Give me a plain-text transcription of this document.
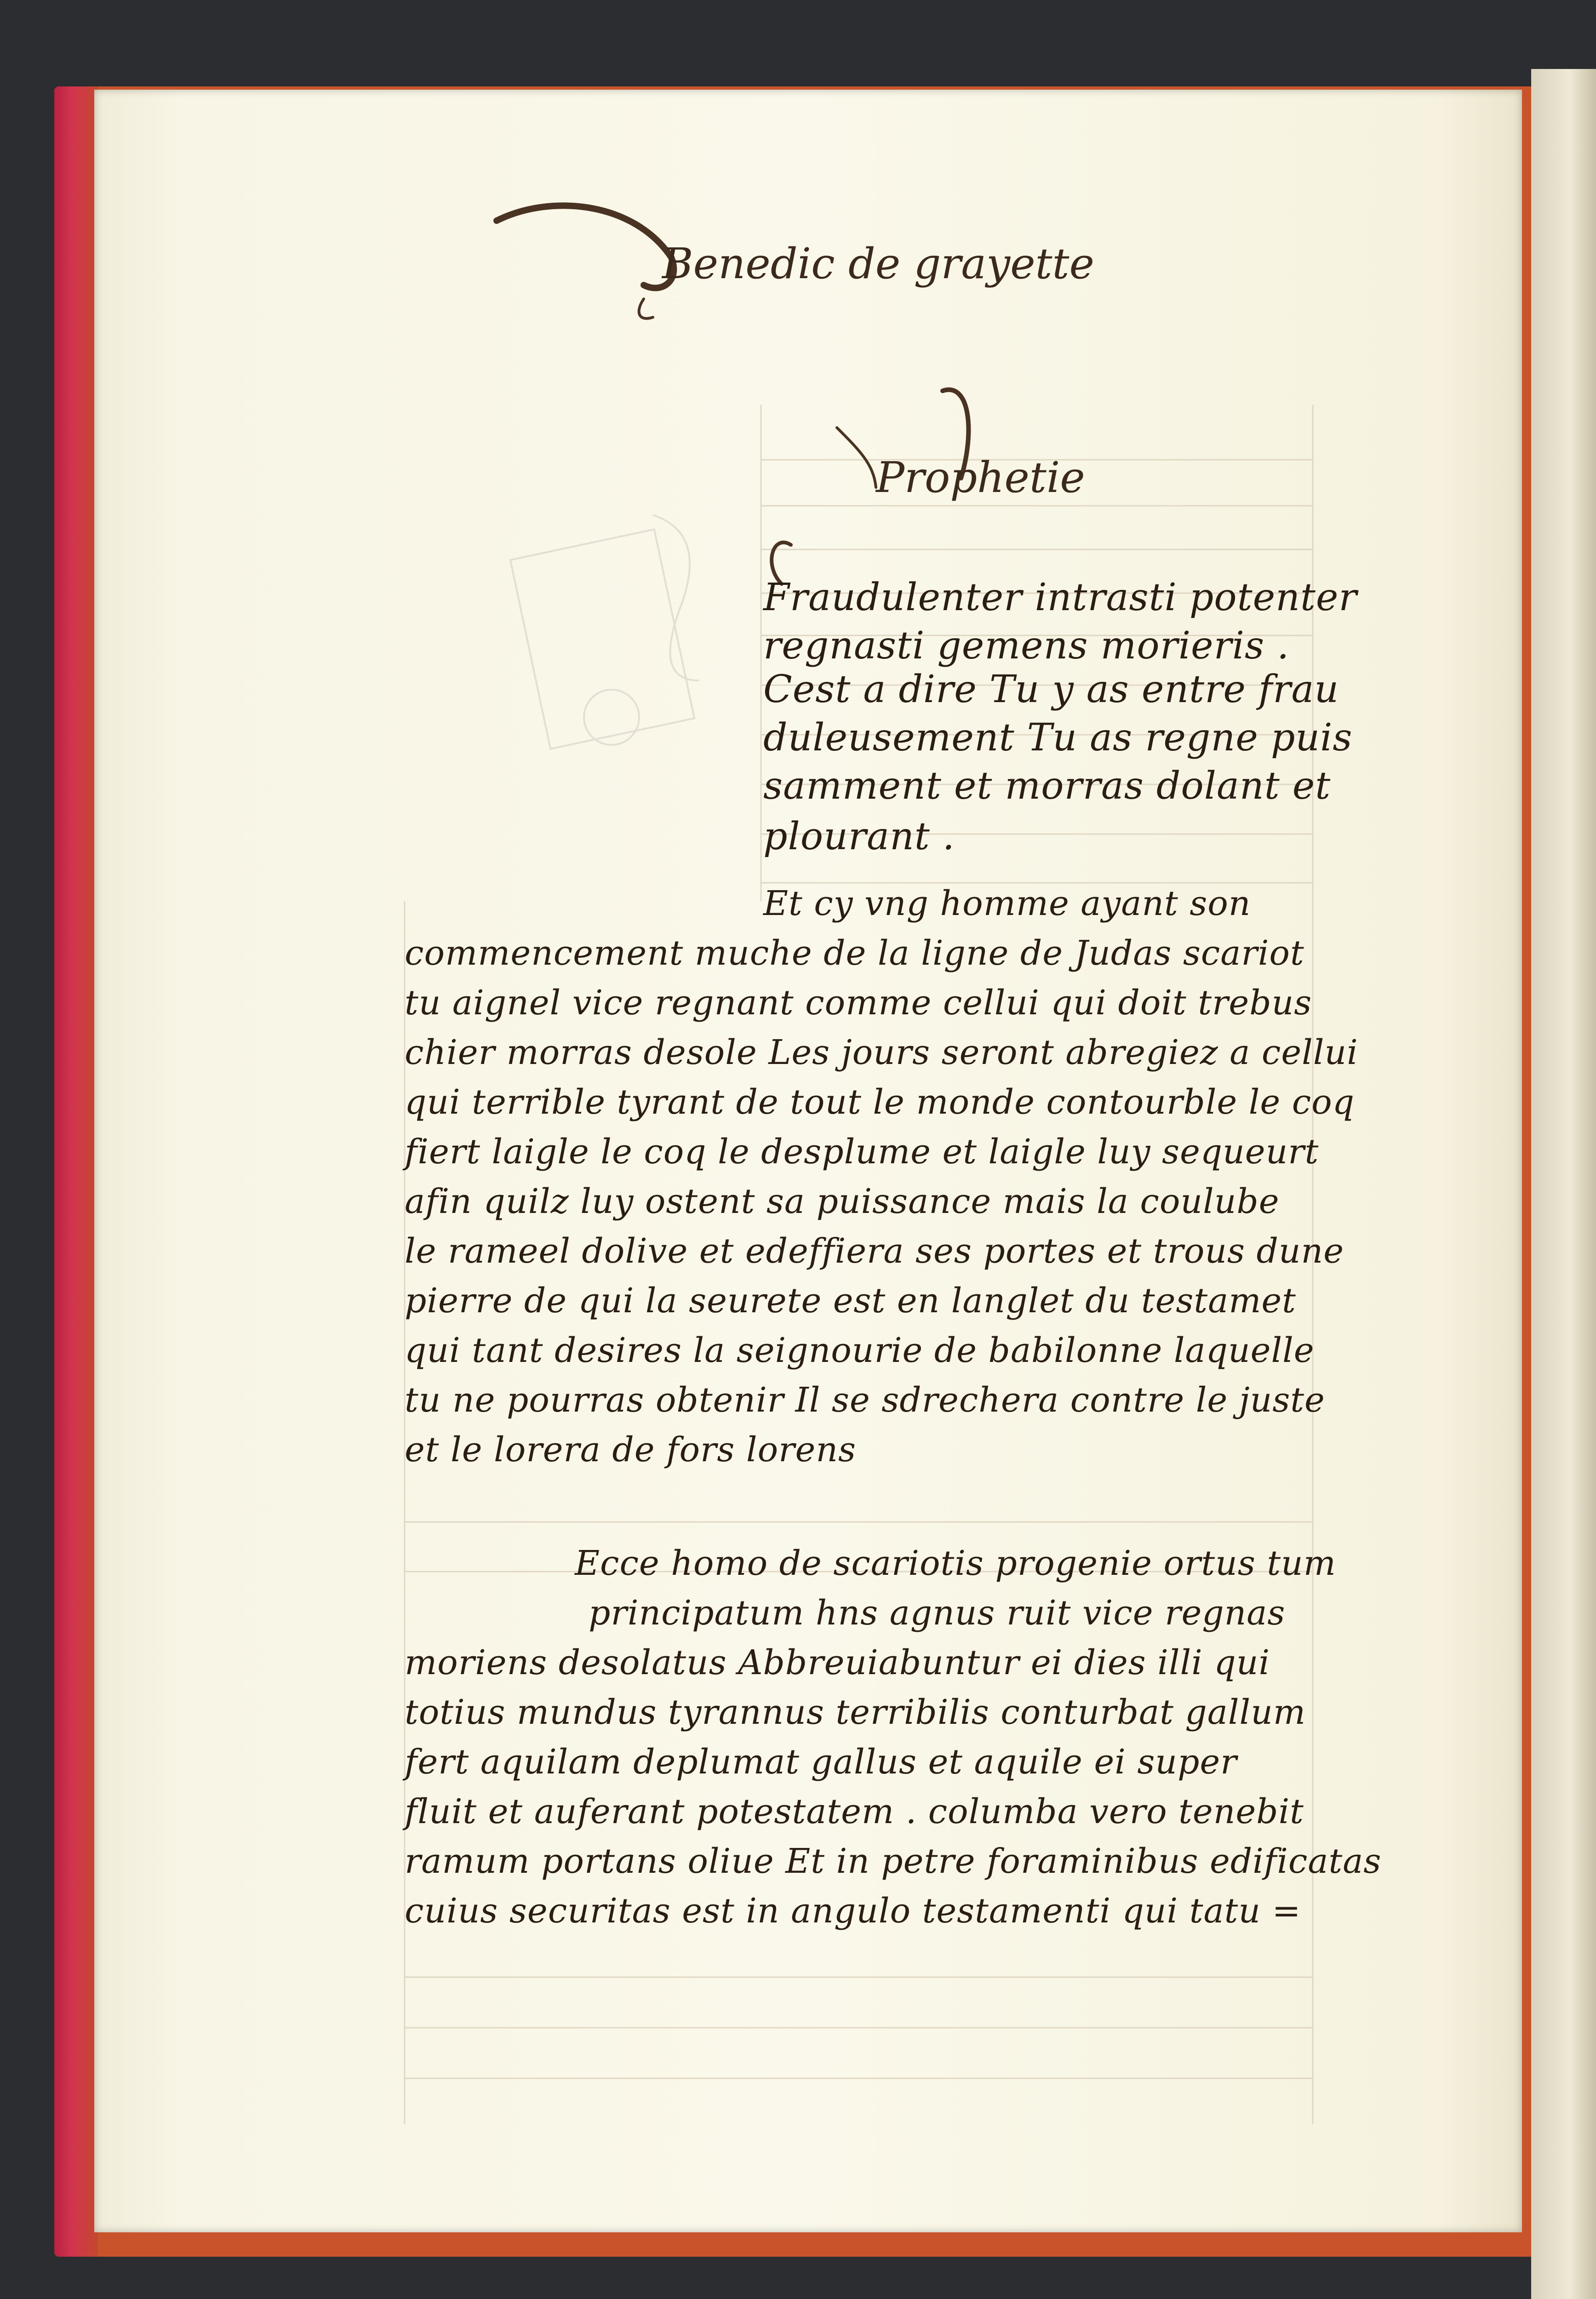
Benedic de grayette
Prophetie
Fraudulenter intrasti potenter
regnasti gemens morieris .
Cest a dire Tu y as entre frau
duleusement Tu as regne puis
samment et morras dolant et
plourant .
Et cy vng homme ayant son
commencement muche de la ligne de Judas scariot
tu aignel vice regnant comme cellui qui doit trebus
chier morras desole Les jours seront abregiez a cellui
qui terrible tyrant de tout le monde contourble le coq
fiert laigle le coq le desplume et laigle luy sequeurt
afin quilz luy ostent sa puissance mais la coulube
le rameel dolive et edeffiera ses portes et trous dune
pierre de qui la seurete est en langlet du testamet
qui tant desires la seignourie de babilonne laquelle
tu ne pourras obtenir Il se sdrechera contre le juste
et le lorera de fors lorens
Ecce homo de scariotis progenie ortus tum
principatum hns agnus ruit vice regnas
moriens desolatus Abbreuiabuntur ei dies illi qui
totius mundus tyrannus terribilis conturbat gallum
fert aquilam deplumat gallus et aquile ei super
fluit et auferant potestatem . columba vero tenebit
ramum portans oliue Et in petre foraminibus edificatas
cuius securitas est in angulo testamenti qui tatu =
